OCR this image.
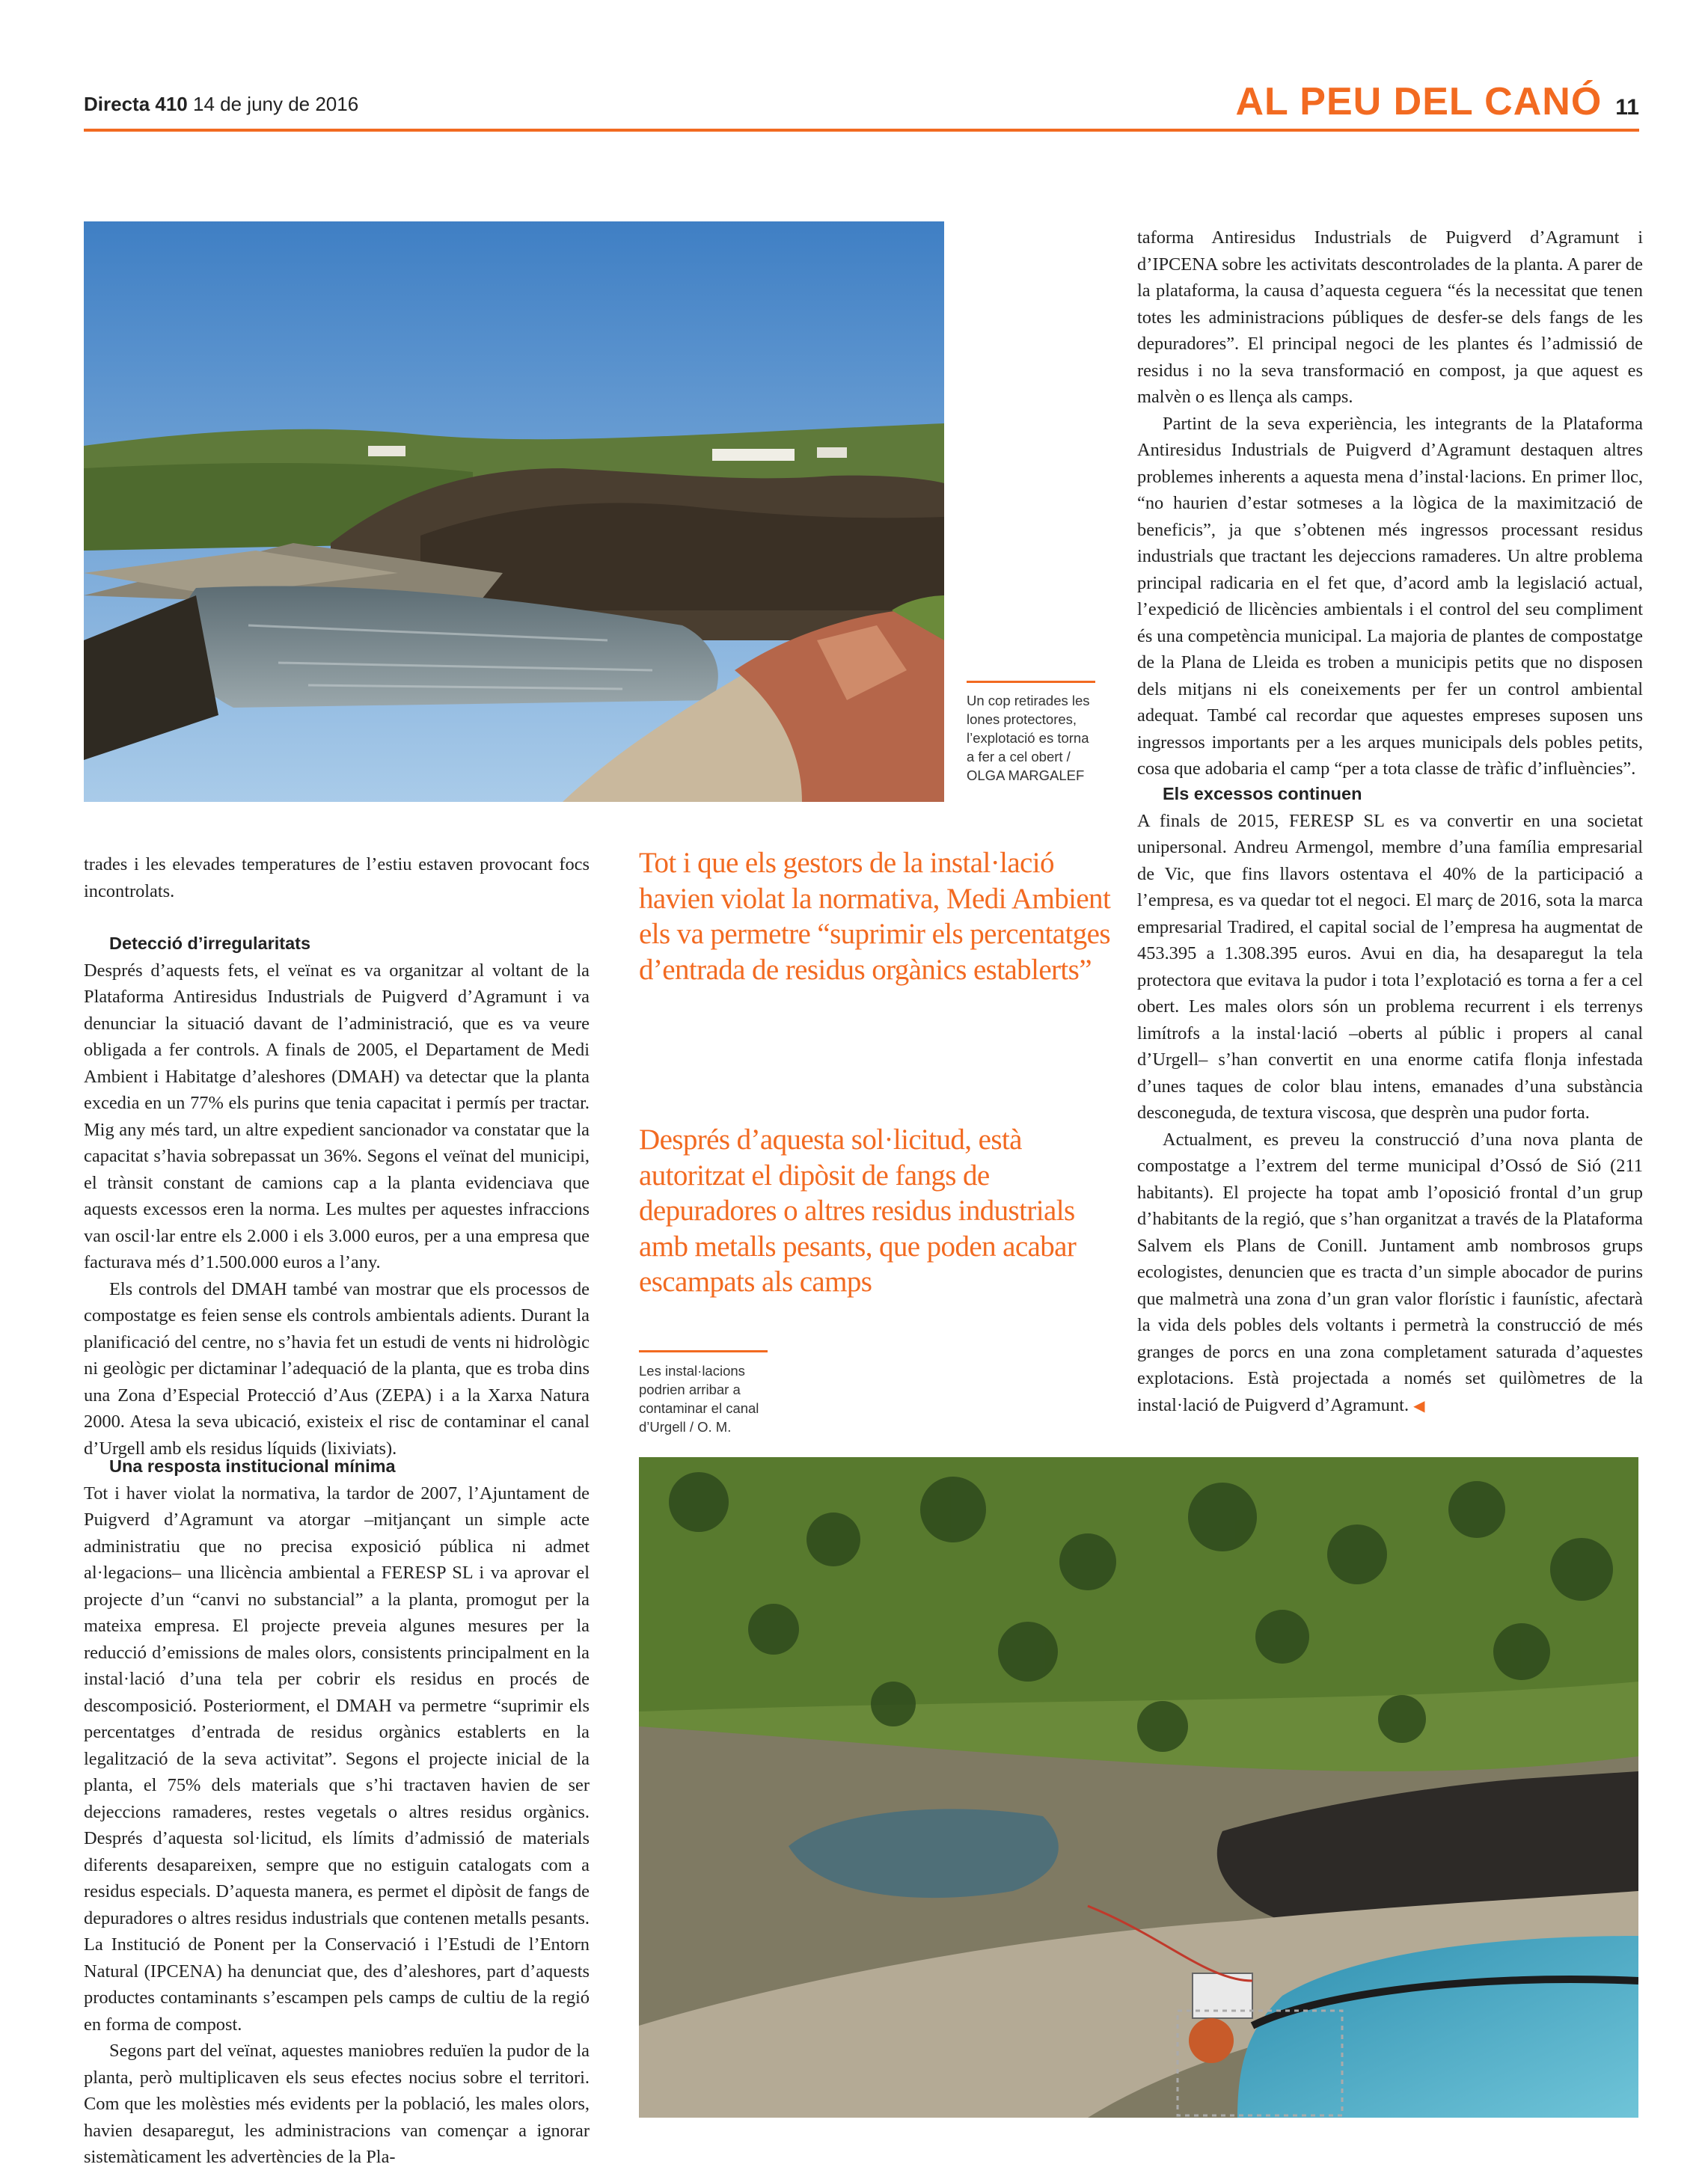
Directa 410 14 de juny de 2016	AL PEU DEL CANÓ 11
Un cop retirades les lones protectores, l’explotació es torna a fer a cel obert / OLGA MARGALEF

trades i les elevades temperatures de l’estiu estaven provocant focs incontrolats.

Detecció d’irregularitats

Després d’aquests fets, el veïnat es va organitzar al voltant de la Plataforma Antiresidus Industrials de Puigverd d’Agramunt i va denunciar la situació davant de l’administració, que es va veure obligada a fer controls. A finals de 2005, el Departament de Medi Ambient i Habitatge d’aleshores (DMAH) va detectar que la planta excedia en un 77% els purins que tenia capacitat i permís per tractar. Mig any més tard, un altre expedient sancionador va constatar que la capacitat s’havia sobrepassat un 36%. Segons el veïnat del municipi, el trànsit constant de camions cap a la planta evidenciava que aquests excessos eren la norma. Les multes per aquestes infraccions van oscil·lar entre els 2.000 i els 3.000 euros, per a una empresa que facturava més d’1.500.000 euros a l’any.

Els controls del DMAH també van mostrar que els processos de compostatge es feien sense els controls ambientals adients. Durant la planificació del centre, no s’havia fet un estudi de vents ni hidrològic ni geològic per dictaminar l’adequació de la planta, que es troba dins una Zona d’Especial Protecció d’Aus (ZEPA) i a la Xarxa Natura 2000. Atesa la seva ubicació, existeix el risc de contaminar el canal d’Urgell amb els residus líquids (lixiviats).

Una resposta institucional mínima

Tot i haver violat la normativa, la tardor de 2007, l’Ajuntament de Puigverd d’Agramunt va atorgar –mitjançant un simple acte administratiu que no precisa exposició pública ni admet al·legacions– una llicència ambiental a FERESP SL i va aprovar el projecte d’un “canvi no substancial” a la planta, promogut per la mateixa empresa. El projecte preveia algunes mesures per la reducció d’emissions de males olors, consistents principalment en la instal·lació d’una tela per cobrir els residus en procés de descomposició. Posteriorment, el DMAH va permetre “suprimir els percentatges d’entrada de residus orgànics establerts en la legalització de la seva activitat”. Segons el projecte inicial de la planta, el 75% dels materials que s’hi tractaven havien de ser dejeccions ramaderes, restes vegetals o altres residus orgànics. Després d’aquesta sol·licitud, els límits d’admissió de materials diferents desapareixen, sempre que no estiguin catalogats com a residus especials. D’aquesta manera, es permet el dipòsit de fangs de depuradores o altres residus industrials que contenen metalls pesants. La Institució de Ponent per la Conservació i l’Estudi de l’Entorn Natural (IPCENA) ha denunciat que, des d’aleshores, part d’aquests productes contaminants s’escampen pels camps de cultiu de la regió en forma de compost.

Segons part del veïnat, aquestes maniobres reduïen la pudor de la planta, però multiplicaven els seus efectes nocius sobre el territori. Com que les molèsties més evidents per la població, les males olors, havien desaparegut, les administracions van començar a ignorar sistemàticament les advertències de la Pla-

Tot i que els gestors de la instal·lació havien violat la normativa, Medi Ambient els va permetre “suprimir els percentatges d’entrada de residus orgànics establerts”
Després d’aquesta sol·licitud, està autoritzat el dipòsit de fangs de depuradores o altres residus industrials amb metalls pesants, que poden acabar escampats als camps
Les instal·lacions podrien arribar a contaminar el canal d’Urgell / O. M.

taforma Antiresidus Industrials de Puigverd d’Agramunt i d’IPCENA sobre les activitats descontrolades de la planta. A parer de la plataforma, la causa d’aquesta ceguera “és la necessitat que tenen totes les administracions públiques de desfer-se dels fangs de les depuradores”. El principal negoci de les plantes és l’admissió de residus i no la seva transformació en compost, ja que aquest es malvèn o es llença als camps.

Partint de la seva experiència, les integrants de la Plataforma Antiresidus Industrials de Puigverd d’Agramunt destaquen altres problemes inherents a aquesta mena d’instal·lacions. En primer lloc, “no haurien d’estar sotmeses a la lògica de la maximització de beneficis”, ja que s’obtenen més ingressos processant residus industrials que tractant les dejeccions ramaderes. Un altre problema principal radicaria en el fet que, d’acord amb la legislació actual, l’expedició de llicències ambientals i el control del seu compliment és una competència municipal. La majoria de plantes de compostatge de la Plana de Lleida es troben a municipis petits que no disposen dels mitjans ni els coneixements per fer un control ambiental adequat. També cal recordar que aquestes empreses suposen uns ingressos importants per a les arques municipals dels pobles petits, cosa que adobaria el camp “per a tota classe de tràfic d’influències”.

Els excessos continuen

A finals de 2015, FERESP SL es va convertir en una societat unipersonal. Andreu Armengol, membre d’una família empresarial de Vic, que fins llavors ostentava el 40% de la participació a l’empresa, es va quedar tot el negoci. El març de 2016, sota la marca empresarial Tradired, el capital social de l’empresa ha augmentat de 453.395 a 1.308.395 euros. Avui en dia, ha desaparegut la tela protectora que evitava la pudor i tota l’explotació es torna a fer a cel obert. Les males olors són un problema recurrent i els terrenys limítrofs a la instal·lació –oberts al públic i propers al canal d’Urgell– s’han convertit en una enorme catifa flonja infestada d’unes taques de color blau intens, emanades d’una substància desconeguda, de textura viscosa, que desprèn una pudor forta.

Actualment, es preveu la construcció d’una nova planta de compostatge a l’extrem del terme municipal d’Ossó de Sió (211 habitants). El projecte ha topat amb l’oposició frontal d’un grup d’habitants de la regió, que s’han organitzat a través de la Plataforma Salvem els Plans de Conill. Juntament amb nombrosos grups ecologistes, denuncien que es tracta d’un simple abocador de purins que malmetrà una zona d’un gran valor florístic i faunístic, afectarà la vida dels pobles dels voltants i permetrà la construcció de més granges de porcs en una zona completament saturada d’aquestes explotacions. Està projectada a només set quilòmetres de la instal·lació de Puigverd d’Agramunt. ◀
